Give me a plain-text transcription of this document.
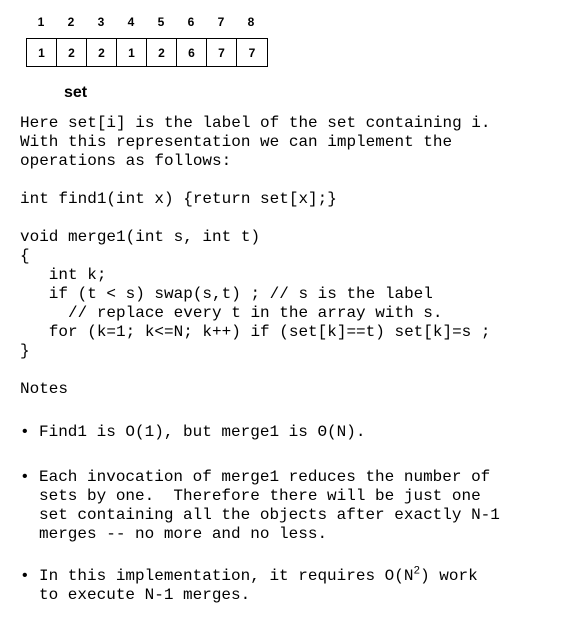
1	2	3	4	5	6	7	8
1	2	2	1	2	6	7	7
set
Here set[i] is the label of the set containing i.
With this representation we can implement the
operations as follows:
int find1(int x) {return set[x];}
void merge1(int s, int t)
{
int k;
if (t < s) swap(s,t) ; // s is the label
// replace every t in the array with s.
for (k=1; k<=N; k++) if (set[k]==t) set[k]=s ;
}
Notes
• Find1 is O(1), but merge1 is Θ(N).
• Each invocation of merge1 reduces the number of
sets by one.  Therefore there will be just one
set containing all the objects after exactly N-1
merges -- no more and no less.
• In this implementation, it requires $O(N^2)$ work
to execute N-1 merges.
